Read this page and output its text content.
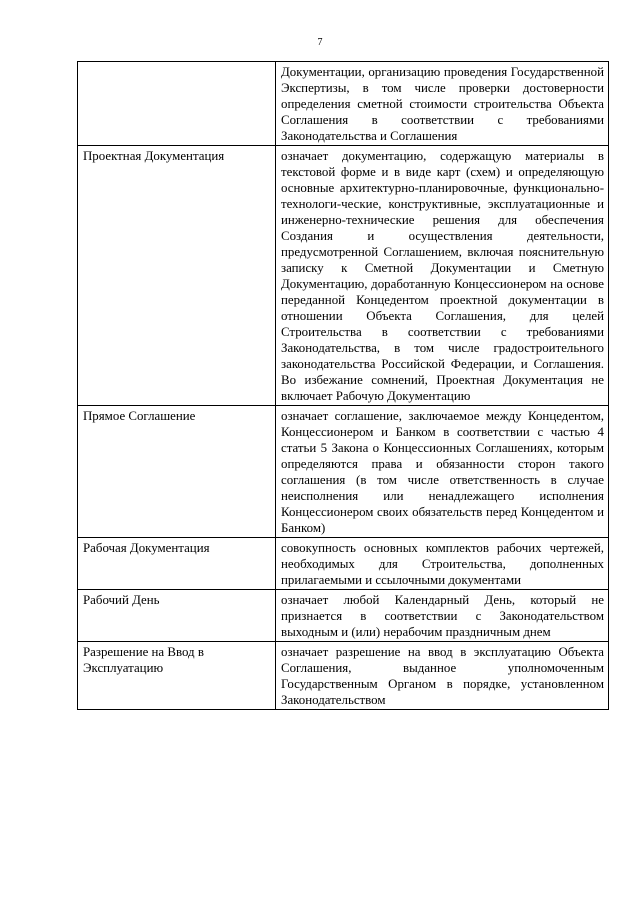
7
	Документации, организацию проведения Государственной Экспертизы, в том числе проверки достоверности определения сметной стоимости строительства Объекта Соглашения в соответствии с требованиями Законодательства и Соглашения
Проектная Документация	означает документацию, содержащую материалы в текстовой форме и в виде карт (схем) и определяющую основные архитектурно-планировочные, функционально-технологи-ческие, конструктивные, эксплуатационные и инженерно-технические решения для обеспечения Создания и осуществления деятельности, предусмотренной Соглашением, включая пояснительную записку к Сметной Документации и Сметную Документацию, доработанную Концессионером на основе переданной Концедентом проектной документации в отношении Объекта Соглашения, для целей Строительства в соответствии с требованиями Законодательства, в том числе градостроительного законодательства Российской Федерации, и Соглашения. Во избежание сомнений, Проектная Документация не включает Рабочую Документацию
Прямое Соглашение	означает соглашение, заключаемое между Концедентом, Концессионером и Банком в соответствии с частью 4 статьи 5 Закона о Концессионных Соглашениях, которым определяются права и обязанности сторон такого соглашения (в том числе ответственность в случае неисполнения или ненадлежащего исполнения Концессионером своих обязательств перед Концедентом и Банком)
Рабочая Документация	совокупность основных комплектов рабочих чертежей, необходимых для Строительства, дополненных прилагаемыми и ссылочными документами
Рабочий День	означает любой Календарный День, который не признается в соответствии с Законодательством выходным и (или) нерабочим праздничным днем
Разрешение на Ввод в Эксплуатацию	означает разрешение на ввод в эксплуатацию Объекта Соглашения, выданное уполномоченным Государственным Органом в порядке, установленном Законодательством
